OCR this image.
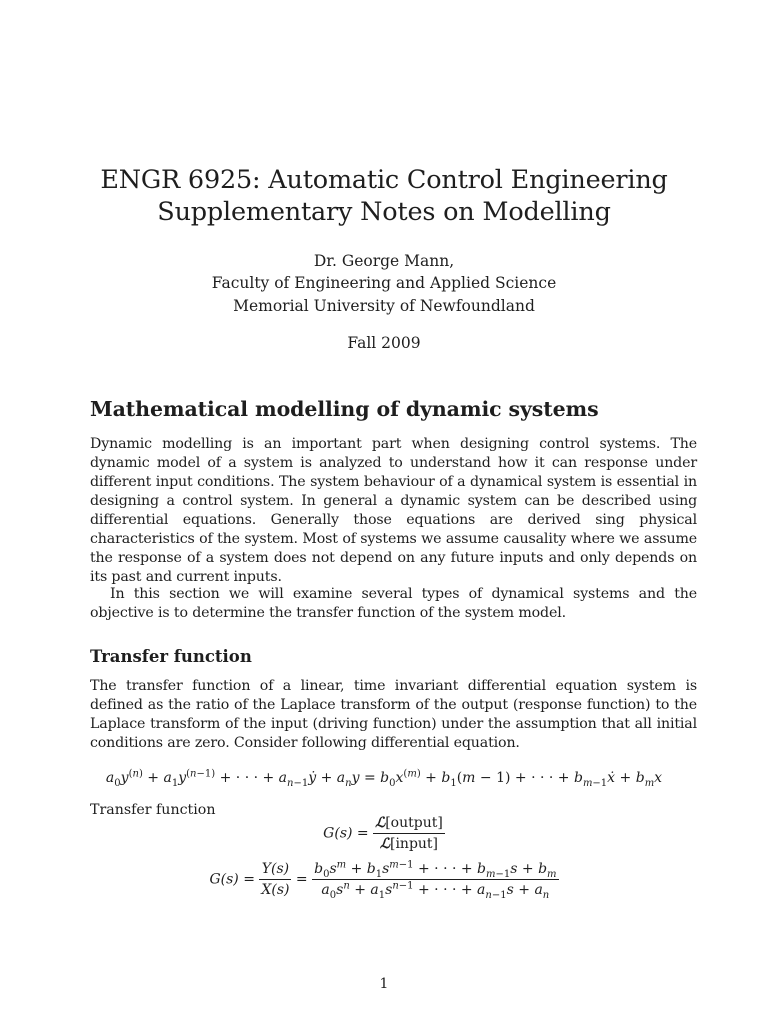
ENGR 6925: Automatic Control Engineering
Supplementary Notes on Modelling
Dr. George Mann,
Faculty of Engineering and Applied Science
Memorial University of Newfoundland
Fall 2009
Mathematical modelling of dynamic systems

Dynamic modelling is an important part when designing control systems. The dynamic model of a system is analyzed to understand how it can response under different input conditions. The system behaviour of a dynamical system is essential in designing a control system. In general a dynamic system can be described using differential equations. Generally those equations are derived sing physical characteristics of the system. Most of systems we assume causality where we assume the response of a system does not depend on any future inputs and only depends on its past and current inputs.

In this section we will examine several types of dynamical systems and the objective is to determine the transfer function of the system model.

Transfer function

The transfer function of a linear, time invariant differential equation system is defined as the ratio of the Laplace transform of the output (response function) to the Laplace transform of the input (driving function) under the assumption that all initial conditions are zero. Consider following differential equation.

$a_0y^{(n)} + a_1y^{(n-1)}$ + · · · + $a_{n-1}ẏ + a_ny = b_0x^{(m)} + b_1(m - 1)$ + · · · + $b_{m-1}ẋ + b_mx$

Transfer function

$G(s) = \frac{\text{ℒ[output]}}{\text{ℒ[input]}}$
$G(s) = \frac{Y(s)}{X(s)} = \frac{b_0s^m + b_1s^{m-1} + \cdot \cdot \cdot + b_{m-1}s + b_m}{a_0s^n + a_1s^{n-1} + \cdot \cdot \cdot + a_{n-1}s + a_n}$
1
